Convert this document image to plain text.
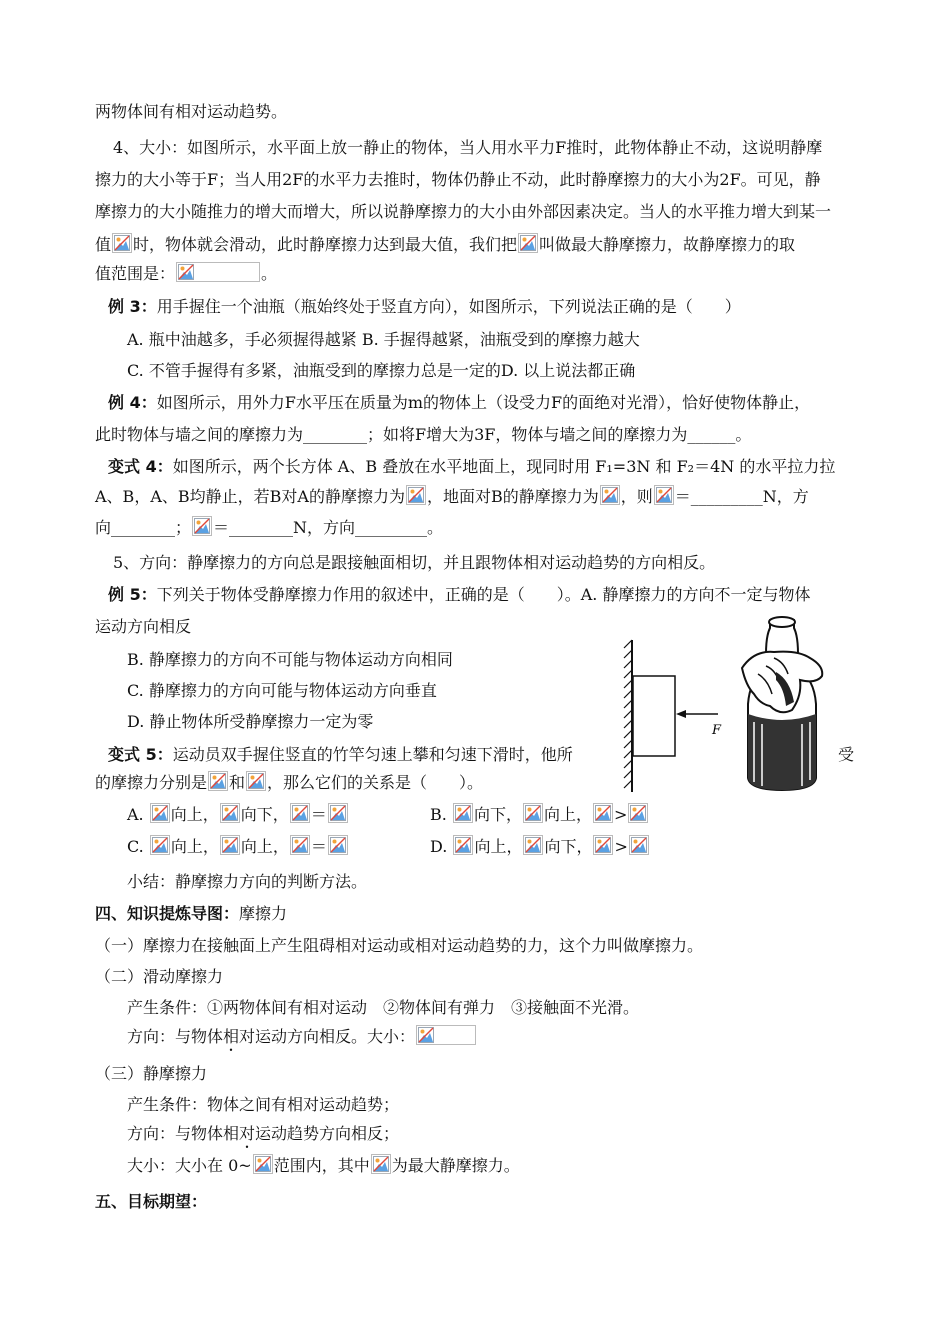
两物体间有相对运动趋势。
4、大小：如图所示，水平面上放一静止的物体，当人用水平力F推时，此物体静止不动，这说明静摩
擦力的大小等于F；当人用2F的水平力去推时，物体仍静止不动，此时静摩擦力的大小为2F。可见，静
摩擦力的大小随推力的增大而增大，所以说静摩擦力的大小由外部因素决定。当人的水平推力增大到某一
值 时，物体就会滑动，此时静摩擦力达到最大值，我们把 叫做最大静摩擦力，故静摩擦力的取
值范围是：	。
例 3：用手握住一个油瓶（瓶始终处于竖直方向），如图所示，下列说法正确的是（　　）
A. 瓶中油越多，手必须握得越紧 B. 手握得越紧，油瓶受到的摩擦力越大
C. 不管手握得有多紧，油瓶受到的摩擦力总是一定的D. 以上说法都正确
例 4：如图所示，用外力F水平压在质量为m的物体上（设受力F的面绝对光滑），恰好使物体静止，
此时物体与墙之间的摩擦力为________；如将F增大为3F，物体与墙之间的摩擦力为______。
变式 4：如图所示，两个长方体 A、B 叠放在水平地面上，现同时用 F₁=3N 和 F₂＝4N 的水平拉力拉
A、B，A、B均静止，若B对A的静摩擦力为 ，地面对B的静摩擦力为 ，则 ＝_________N，方
向________； ＝________N，方向_________。
5、方向：静摩擦力的方向总是跟接触面相切，并且跟物体相对运动趋势的方向相反。
例 5：下列关于物体受静摩擦力作用的叙述中，正确的是（　　）。A. 静摩擦力的方向不一定与物体
运动方向相反
B. 静摩擦力的方向不可能与物体运动方向相同
C. 静摩擦力的方向可能与物体运动方向垂直
D. 静止物体所受静摩擦力一定为零
变式 5：运动员双手握住竖直的竹竿匀速上攀和匀速下滑时，他所	受
的摩擦力分别是 和 ，那么它们的关系是（　　）。
A. 向上， 向下， ＝	B. 向下， 向上， >
C. 向上， 向上， ＝	D. 向上， 向下， >
小结：静摩擦力方向的判断方法。
四、知识提炼导图：摩擦力
（一）摩擦力在接触面上产生阻碍相对运动或相对运动趋势的力，这个力叫做摩擦力。
（二）滑动摩擦力
产生条件：①两物体间有相对运动　②物体间有弹力　③接触面不光滑。
方向：与物体相对运动方向相反。大小：
（三）静摩擦力
产生条件：物体之间有相对运动趋势；
方向：与物体相对运动趋势方向相反；
大小：大小在 0~ 范围内，其中 为最大静摩擦力。
五、目标期望：
F
